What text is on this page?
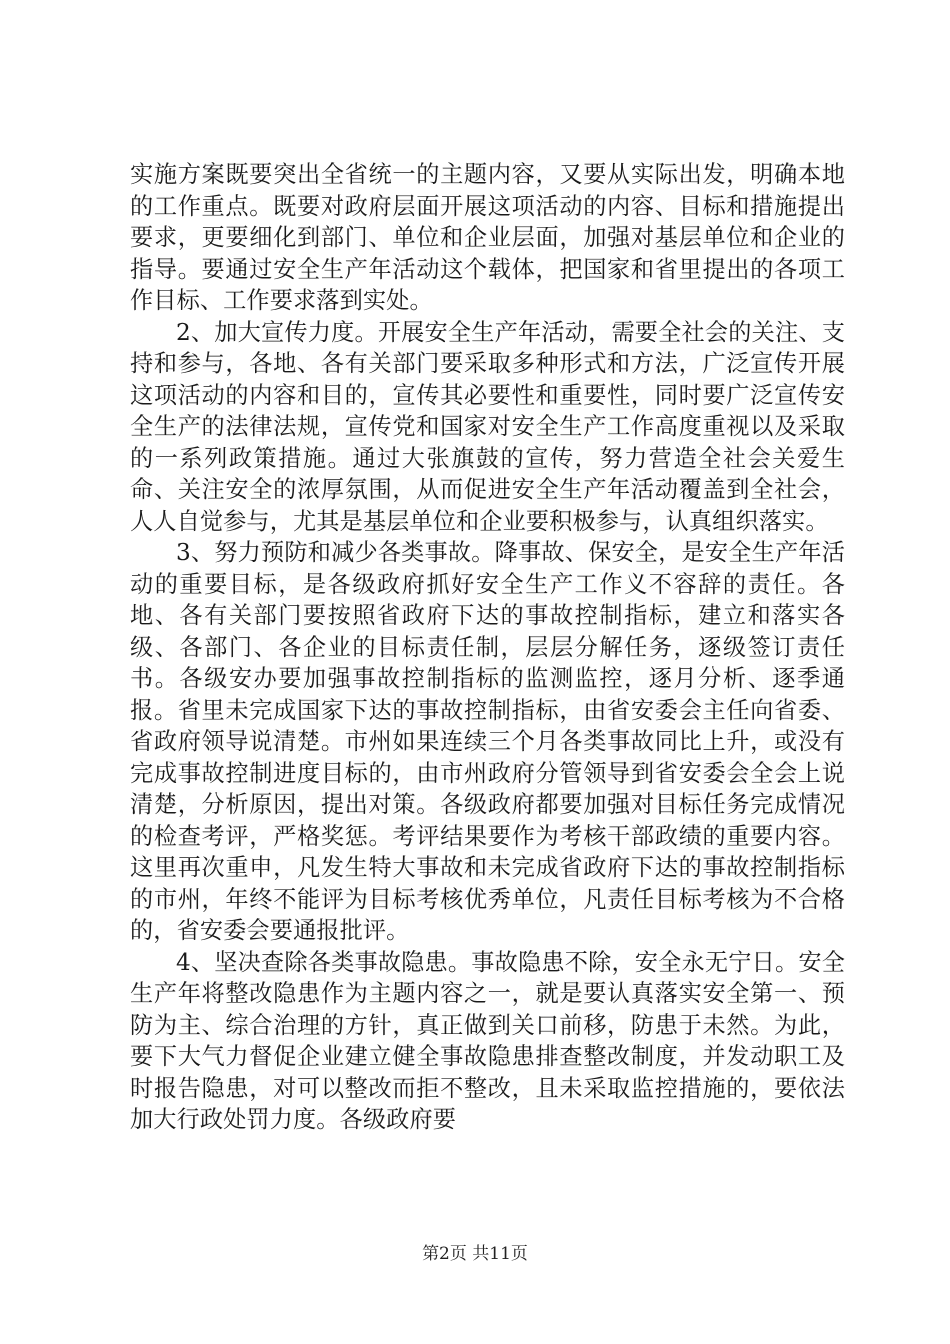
实施方案既要突出全省统一的主题内容，又要从实际出发，明确本地的工作重点。既要对政府层面开展这项活动的内容、目标和措施提出要求，更要细化到部门、单位和企业层面，加强对基层单位和企业的指导。要通过安全生产年活动这个载体，把国家和省里提出的各项工作目标、工作要求落到实处。

2、加大宣传力度。开展安全生产年活动，需要全社会的关注、支持和参与，各地、各有关部门要采取多种形式和方法，广泛宣传开展这项活动的内容和目的，宣传其必要性和重要性，同时要广泛宣传安全生产的法律法规，宣传党和国家对安全生产工作高度重视以及采取的一系列政策措施。通过大张旗鼓的宣传，努力营造全社会关爱生命、关注安全的浓厚氛围，从而促进安全生产年活动覆盖到全社会，人人自觉参与，尤其是基层单位和企业要积极参与，认真组织落实。

3、努力预防和减少各类事故。降事故、保安全，是安全生产年活动的重要目标，是各级政府抓好安全生产工作义不容辞的责任。各地、各有关部门要按照省政府下达的事故控制指标，建立和落实各级、各部门、各企业的目标责任制，层层分解任务，逐级签订责任书。各级安办要加强事故控制指标的监测监控，逐月分析、逐季通报。省里未完成国家下达的事故控制指标，由省安委会主任向省委、省政府领导说清楚。市州如果连续三个月各类事故同比上升，或没有完成事故控制进度目标的，由市州政府分管领导到省安委会全会上说清楚，分析原因，提出对策。各级政府都要加强对目标任务完成情况的检查考评，严格奖惩。考评结果要作为考核干部政绩的重要内容。这里再次重申，凡发生特大事故和未完成省政府下达的事故控制指标的市州，年终不能评为目标考核优秀单位，凡责任目标考核为不合格的，省安委会要通报批评。

4、坚决查除各类事故隐患。事故隐患不除，安全永无宁日。安全生产年将整改隐患作为主题内容之一，就是要认真落实安全第一、预防为主、综合治理的方针，真正做到关口前移，防患于未然。为此，要下大气力督促企业建立健全事故隐患排查整改制度，并发动职工及时报告隐患，对可以整改而拒不整改，且未采取监控措施的，要依法加大行政处罚力度。各级政府要

第2页 共11页
